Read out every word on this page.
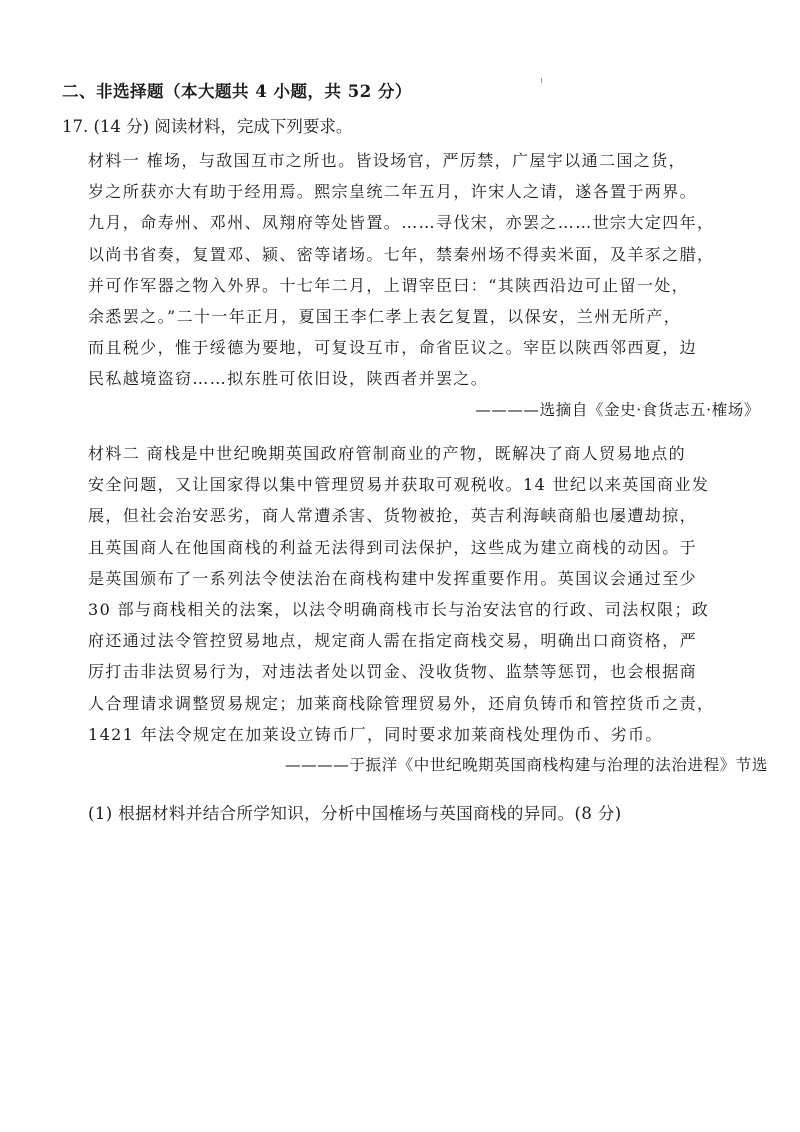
二、非选择题（本大题共 4 小题，共 52 分）
17. (14 分) 阅读材料，完成下列要求。
材料一 榷场，与敌国互市之所也。皆设场官，严厉禁，广屋宇以通二国之货，
岁之所获亦大有助于经用焉。熙宗皇统二年五月，许宋人之请，遂各置于两界。
九月，命寿州、邓州、凤翔府等处皆置。……寻伐宋，亦罢之……世宗大定四年，
以尚书省奏，复置邓、颍、密等诸场。七年，禁秦州场不得卖米面，及羊豕之腊，
并可作军器之物入外界。十七年二月，上谓宰臣曰：“其陕西沿边可止留一处，
余悉罢之。”二十一年正月，夏国王李仁孝上表乞复置，以保安，兰州无所产，
而且税少，惟于绥德为要地，可复设互市，命省臣议之。宰臣以陕西邻西夏，边
民私越境盗窃……拟东胜可依旧设，陕西者并罢之。
————选摘自《金史·食货志五·榷场》
材料二 商栈是中世纪晚期英国政府管制商业的产物，既解决了商人贸易地点的
安全问题，又让国家得以集中管理贸易并获取可观税收。14 世纪以来英国商业发
展，但社会治安恶劣，商人常遭杀害、货物被抢，英吉利海峡商船也屡遭劫掠，
且英国商人在他国商栈的利益无法得到司法保护，这些成为建立商栈的动因。于
是英国颁布了一系列法令使法治在商栈构建中发挥重要作用。英国议会通过至少
30 部与商栈相关的法案，以法令明确商栈市长与治安法官的行政、司法权限；政
府还通过法令管控贸易地点，规定商人需在指定商栈交易，明确出口商资格，严
厉打击非法贸易行为，对违法者处以罚金、没收货物、监禁等惩罚，也会根据商
人合理请求调整贸易规定；加莱商栈除管理贸易外，还肩负铸币和管控货币之责，
1421 年法令规定在加莱设立铸币厂，同时要求加莱商栈处理伪币、劣币。
————于振洋《中世纪晚期英国商栈构建与治理的法治进程》节选
(1) 根据材料并结合所学知识，分析中国榷场与英国商栈的异同。(8 分)
